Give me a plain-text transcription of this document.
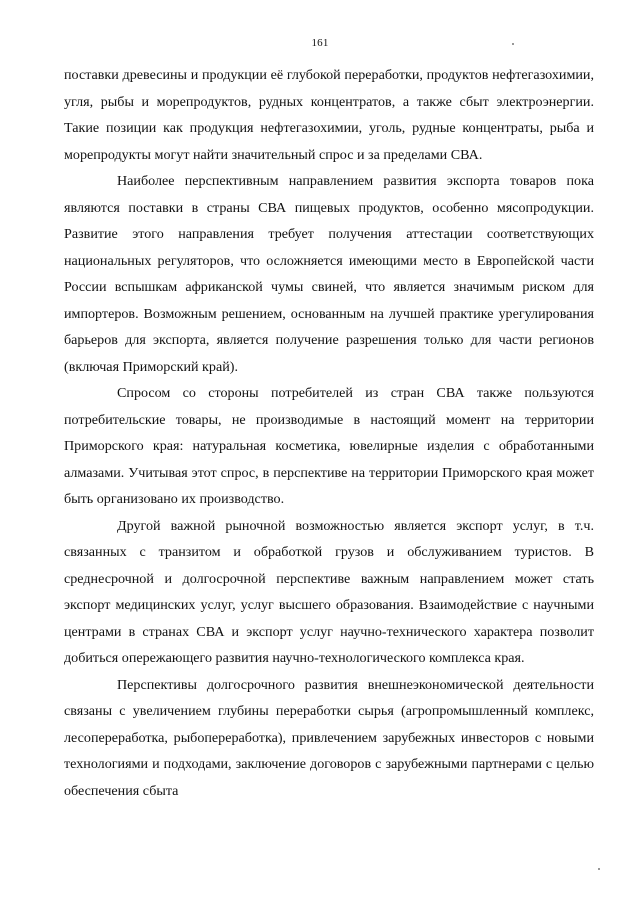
161

поставки древесины и продукции её глубокой переработки, продуктов нефтегазохимии, угля, рыбы и морепродуктов, рудных концентратов, а также сбыт электроэнергии. Такие позиции как продукция нефтегазохимии, уголь, рудные концентраты, рыба и морепродукты могут найти значительный спрос и за пределами СВА.

Наиболее перспективным направлением развития экспорта товаров пока являются поставки в страны СВА пищевых продуктов, особенно мясопродукции. Развитие этого направления требует получения аттестации соответствующих национальных регуляторов, что осложняется имеющими место в Европейской части России вспышкам африканской чумы свиней, что является значимым риском для импортеров. Возможным решением, основанным на лучшей практике урегулирования барьеров для экспорта, является получение разрешения только для части регионов (включая Приморский край).

Спросом со стороны потребителей из стран СВА также пользуются потребительские товары, не производимые в настоящий момент на территории Приморского края: натуральная косметика, ювелирные изделия с обработанными алмазами. Учитывая этот спрос, в перспективе на территории Приморского края может быть организовано их производство.

Другой важной рыночной возможностью является экспорт услуг, в т.ч. связанных с транзитом и обработкой грузов и обслуживанием туристов. В среднесрочной и долгосрочной перспективе важным направлением может стать экспорт медицинских услуг, услуг высшего образования. Взаимодействие с научными центрами в странах СВА и экспорт услуг научно-технического характера позволит добиться опережающего развития научно-технологического комплекса края.

Перспективы долгосрочного развития внешнеэкономической деятельности связаны с увеличением глубины переработки сырья (агропромышленный комплекс, лесопереработка, рыбопереработка), привлечением зарубежных инвесторов с новыми технологиями и подходами, заключение договоров с зарубежными партнерами с целью обеспечения сбыта
